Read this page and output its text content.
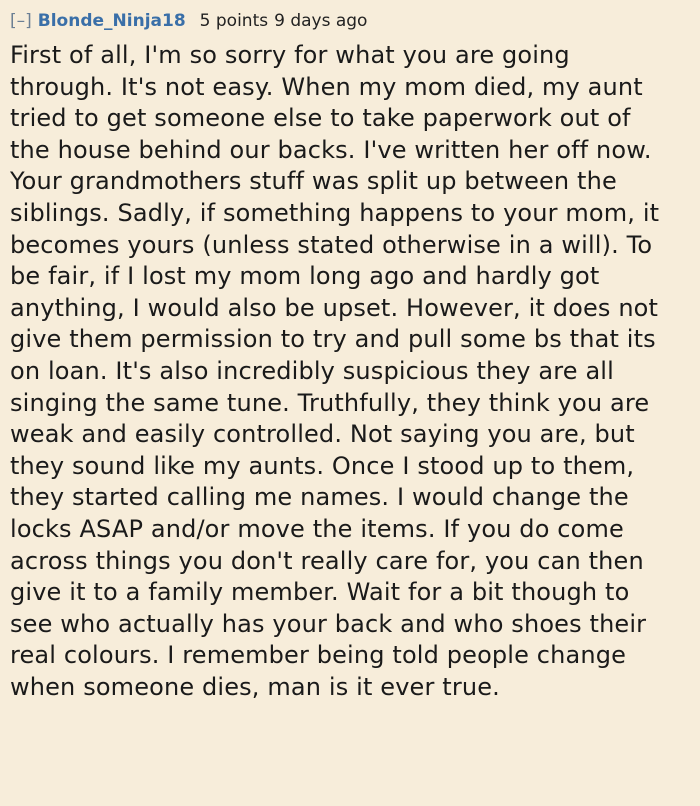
[–] Blonde_Ninja18 5 points 9 days ago
First of all, I'm so sorry for what you are going
through. It's not easy. When my mom died, my aunt
tried to get someone else to take paperwork out of
the house behind our backs. I've written her off now.
Your grandmothers stuff was split up between the
siblings. Sadly, if something happens to your mom, it
becomes yours (unless stated otherwise in a will). To
be fair, if I lost my mom long ago and hardly got
anything, I would also be upset. However, it does not
give them permission to try and pull some bs that its
on loan. It's also incredibly suspicious they are all
singing the same tune. Truthfully, they think you are
weak and easily controlled. Not saying you are, but
they sound like my aunts. Once I stood up to them,
they started calling me names. I would change the
locks ASAP and/or move the items. If you do come
across things you don't really care for, you can then
give it to a family member. Wait for a bit though to
see who actually has your back and who shoes their
real colours. I remember being told people change
when someone dies, man is it ever true.
